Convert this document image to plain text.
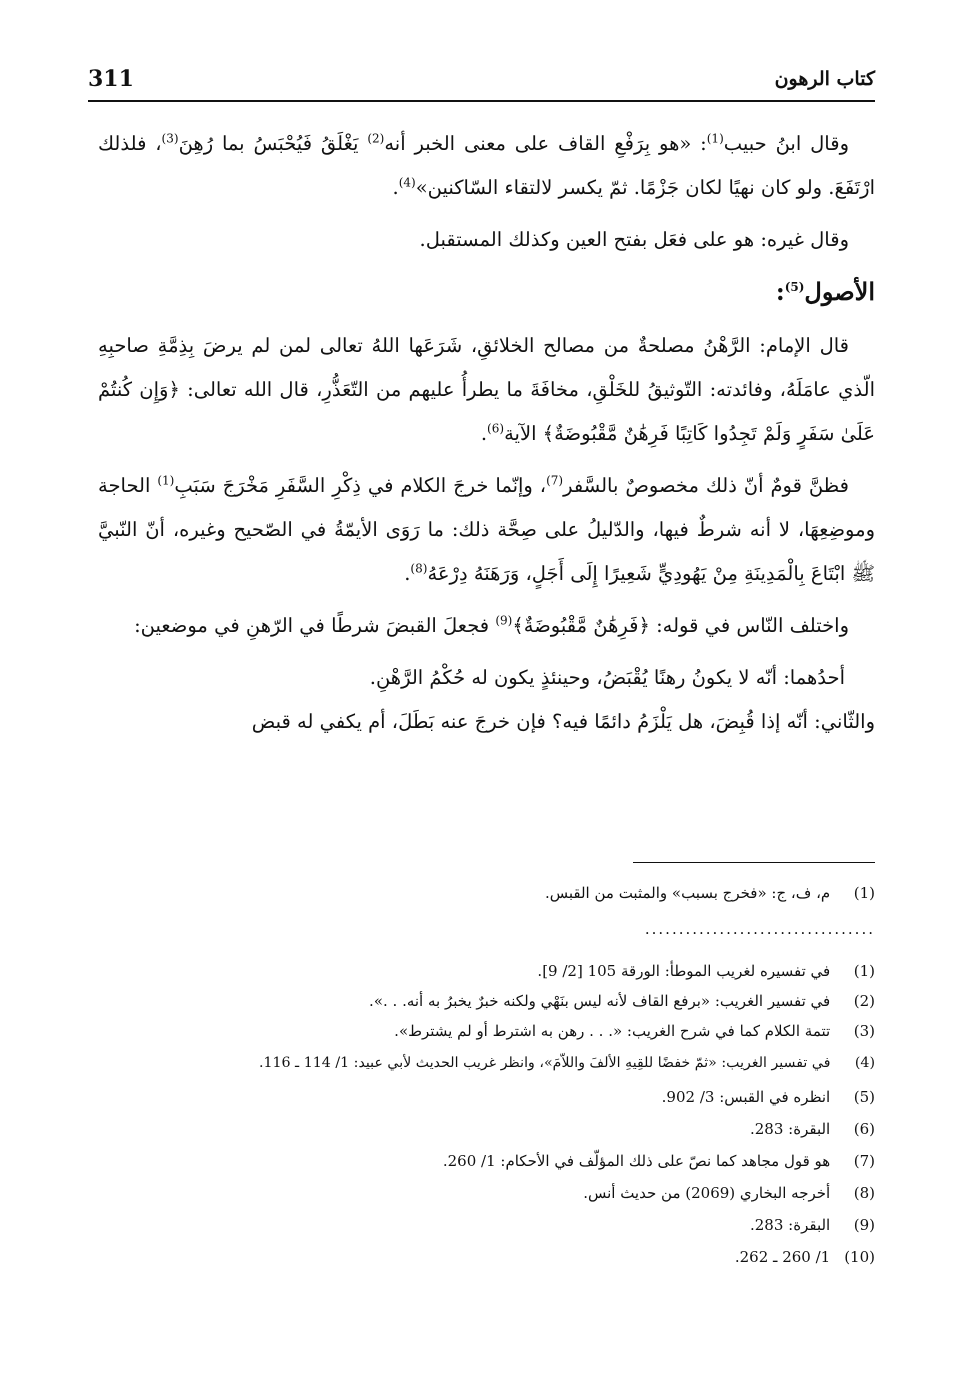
كتاب الرهون
311

وقال ابنُ حبيب$^{(1)}$: «هو بِرَفْعِ القاف على معنى الخبر أنه$^{(2)}$ يَغْلَقُ فَيُحْبَسُ بما رُهِنَ$^{(3)}$، فلذلك ارْتَفَعَ. ولو كان نهيًا لكان جَزْمًا. ثمّ يكسر لالتقاء السّاكنين»$^{(4)}$.

وقال غيره: هو على فعَل بفتح العين وكذلك المستقبل.

الأصول$^{(5)}$:

قال الإمام: الرَّهْنُ مصلحةٌ من مصالح الخلائقِ، شَرَعَها اللهُ تعالى لمن لم يرضَ بِذِمَّةِ صاحبِهِ الّذي عامَلَهُ، وفائدته: التّوثيقُ للخَلْقِ، مخافَةَ ما يطرأُ عليهم من التّعَذُّرِ، قال الله تعالى: ﴿وَإِن كُنتُمْ عَلَىٰ سَفَرٍ وَلَمْ تَجِدُوا كَاتِبًا فَرِهَٰنٌ مَّقْبُوضَةٌ﴾ الآية$^{(6)}$.

فظنَّ قومٌ أنّ ذلك مخصوصٌ بالسَّفر$^{(7)}$، وإنّما خرجَ الكلام في ذِكْرِ السَّفَرِ مَخْرَجَ سَبَبِ$^{(1)}$ الحاجة وموضِعِهَا، لا أنه شرطٌ فيها، والدّليلُ على صِحَّة ذلك: ما رَوَى الأيمّةُ في الصّحيح وغيره، أنّ النّبيَّ ﷺ ابْتَاعَ بِالْمَدِينَةِ مِنْ يَهُودِيٍّ شَعِيرًا إِلَى أَجَلٍ، وَرَهَنَهُ دِرْعَهُ$^{(8)}$.

واختلف النّاس في قوله: ﴿فَرِهَٰنٌ مَّقْبُوضَةٌ﴾$^{(9)}$ فجعلَ القبضَ شرطًا في الرّهنِ في موضعين:

أحدُهما: أنّه لا يكونُ رهنًا يُقْبَضُ، وحينئذٍ يكون له حُكْمُ الرَّهْنِ.

والثّاني: أنّه إذا قُبِضَ، هل يَلْزَمُ دائمًا فيه؟ فإن خرجَ عنه بَطَلَ، أم يكفي له قبض

(1) م، ف، ج: «فخرج بسبب» والمثبت من القبس.
..................................
(1) في تفسيره لغريب الموطأ: الورقة 105 [2/ 9].
(2) في تفسير الغريب: «برفع القاف لأنه ليس بنَهْي ولكنه خبرٌ يخبرُ به أنه. . .».
(3) تتمة الكلام كما في شرح الغريب: «. . . رهن به اشترط أو لم يشترط».
(4) في تفسير الغريب: «ثمّ خفضًا للقِيهِ الألفَ واللاّمَ»، وانظر غريب الحديث لأبي عبيد: 1/ 114 ـ 116.
(5) انظره في القبس: 3/ 902.
(6) البقرة: 283.
(7) هو قول مجاهد كما نصّ على ذلك المؤلّف في الأحكام: 1/ 260.
(8) أخرجه البخاري (2069) من حديث أنس.
(9) البقرة: 283.
(10) 1/ 260 ـ 262.
